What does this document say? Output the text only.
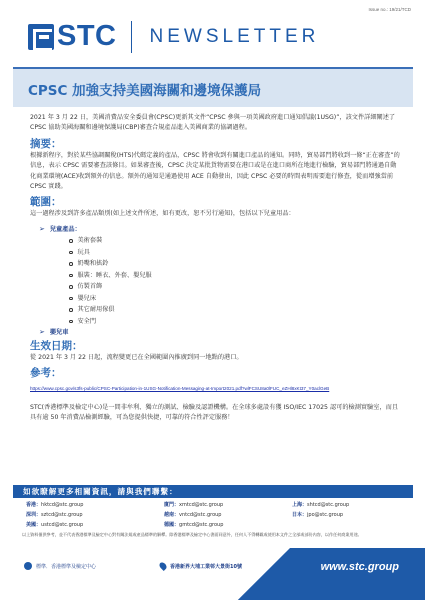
Issue no.: 19/21/TCD
STC NEWSLETTER
CPSC 加強支持美國海關和邊境保護局

2021 年 3 月 22 日，美國消費品安全委員會(CPSC)更新其文件“CPSC 參與一項美國政府進口通知倡議(1USG)”，該文件詳細闡述了 CPSC 協助美國海關和邊境保護局(CBP)審查合規產品進入美國商業的協調過程。

摘要：

根據新程序，對於某些協調關稅(HTS)代碼定義的產品，CPSC 將會收到有關進口產品的通知。同時，貿易部門將收到一條“正在審查”的信息，表示 CPSC 需要審查該條目。如果審查後，CPSC 決定某批貨物需要在港口或是在進口商所在地進行檢驗，貿易部門將通過自動化商業環境(ACE)收到額外的信息。額外的通知是通過使用 ACE 自動發出，因此 CPSC 必要的時間表明需要進行修查，從而增強當前 CPSC 實踐。

範圍：

這一過程涉及到許多產品類別(如上述文件所述，如有更改，恕不另行通知)，包括以下兒童用品：

➢ 兒童產品：
美術套裝
玩具
奶嘴和搖鈴
服裝：睡衣、外套、嬰兒服
仿製首飾
嬰兒床
其它耐用傢俱
安全門
➢ 嬰兒車
生效日期：

從 2021 年 3 月 22 日起，流程變更已在全國範圍內推廣到同一地點的港口。

參考：

https://www.cpsc.gov/s3fs-public/CPSC-Participation-in-1USG-Notification-Messaging-at-Import2021.pdf?wlFCSU8a0lFUC_eZHl8xKt37_Y0aclGeB

STC(香港標準及檢定中心)是一間非牟利、獨立的測試、檢驗及認證機構。在全球多處設有獲 ISO/IEC 17025 認可的檢測實驗室，而且具有逾 50 年消費品檢測經驗，可為您提供快捷，可靠的符合性評定服務！

如欲瞭解更多相關資訊，請與我們聯繫：
香港：hktcd@stc.group	廈門：xmtcd@stc.group	上海：shtcd@stc.group
深圳：sztcd@stc.group	越南：vntcd@stc.group	日本：jpo@stc.group
美國：ustcd@stc.group	德國：gmtcd@stc.group
以上資料僅供參考，並不代表香港標準及檢定中心對有關法規或產品標準的解釋。除香港標準及檢定中心書面同意外，任何人不得轉載或使用本文件之全部或部份內容，以作任何商業用途。
標準．香港標準及檢定中心	香港新界大埔工業邨大景街10號	www.stc.group
